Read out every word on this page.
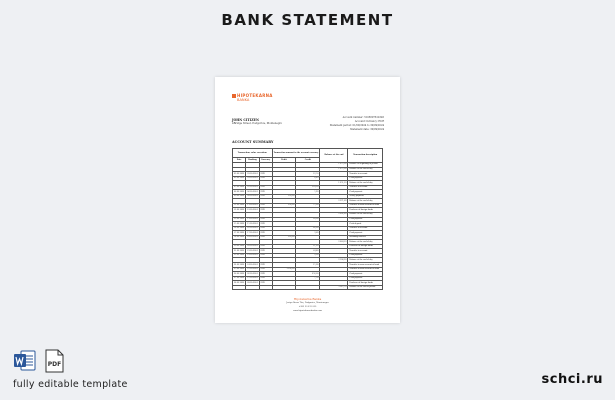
BANK STATEMENT
HIPOTEKARNA
BANKA
JOHN CITIZEN
4Bridge Street, Podgorica, Montenegro
Account number: 5105897812345
Account Currency: EUR
Statement period: 01/09/2024 to 30/09/2024
Statement date: 30/09/2024
ACCOUNT SUMMARY
Transaction, value execution			Transaction amount in the account currency		Balance at the end	Transaction description
Date	Booking	Currency	Debit	Credit		
					1 472,00	Balance at beginning of period
					1 472,00	Balance at the end of day
03.09.2024	03.09.2024	EUR		12,50		Transfer to account
03.09.2024	03.09.2024	EUR		8,40		Card payment
					1 451,10	Balance at the end of day
05.09.2024	05.09.2024	EUR		124,30		Transfer to account
06.09.2024	06.09.2024	EUR		5,20		Card payment
09.09.2024	09.09.2024	EUR	950,00			Salary payment
					2 271,60	Balance at the end of day
11.09.2024	11.09.2024	EUR	230,00	75,00		Transfer to own account at bank
12.09.2024	12.09.2024	EUR				Purchase of foreign funds
					2 426,60	Balance at the end of day
13.09.2024	13.09.2024	EUR		18,90		Card payment
15.09.2024	15.09.2024	EUR				Cash deposit
16.09.2024	16.09.2024	EUR		40,00		Transfer to account
17.09.2024	17.09.2024	EUR		3,60		Card payment
18.09.2024	18.09.2024	EUR	120,00			Incoming transfer
					2 484,10	Balance at the end of day
20.09.2024	20.09.2024	EUR		11,20		Purchase of foreign funds
21.09.2024	21.09.2024	EUR		64,80		Transfer to account
23.09.2024	23.09.2024	EUR		9,90		Card payment
					2 398,20	Balance at the end of day
24.09.2024	24.09.2024	EUR		15,00		Transfer to own account at bank
25.09.2024	25.09.2024	EUR	1 100,00			Transfer to own account at bank
26.09.2024	26.09.2024	EUR		450,00		Card payment
27.09.2024	27.09.2024	EUR		7,50		Card payment
28.09.2024	28.09.2024	EUR				Purchase of foreign funds
					3 025,70	Balance at the end of period
Hipotekarna Banka
Josipa Broza Tita, Podgorica, Montenegro
+382 20 433 000
www.hipotekarnabanka.com
PDF
fully editable template	schci.ru
